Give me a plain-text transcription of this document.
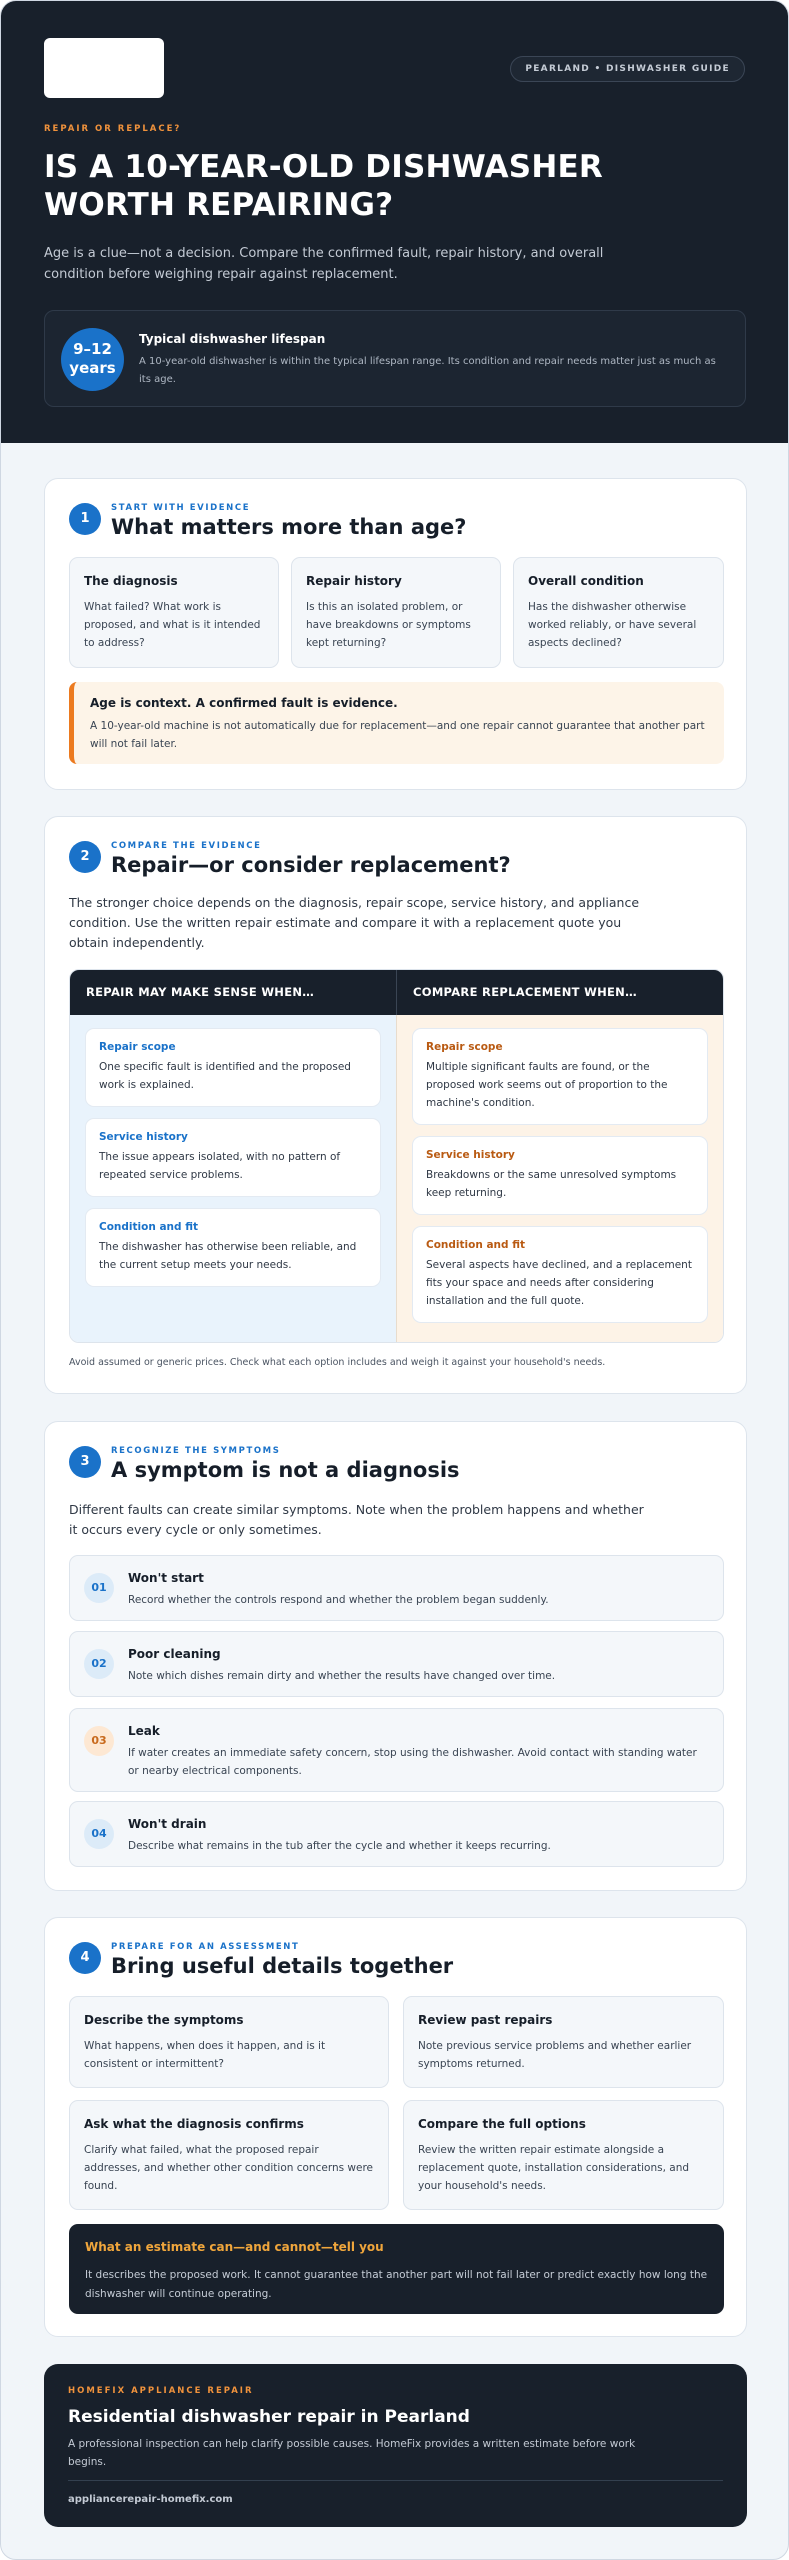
PEARLAND • DISHWASHER GUIDE
REPAIR OR REPLACE?
IS A 10-YEAR-OLD DISHWASHER WORTH REPAIRING?

Age is a clue—not a decision. Compare the confirmed fault, repair history, and overall condition before weighing repair against replacement.

9–12
years
Typical dishwasher lifespan
A 10-year-old dishwasher is within the typical lifespan range. Its condition and repair needs matter just as much as its age.
1
START WITH EVIDENCE
What matters more than age?
The diagnosis

What failed? What work is proposed, and what is it intended to address?

Repair history

Is this an isolated problem, or have breakdowns or symptoms kept returning?

Overall condition

Has the dishwasher otherwise worked reliably, or have several aspects declined?

Age is context. A confirmed fault is evidence.

A 10-year-old machine is not automatically due for replacement—and one repair cannot guarantee that another part will not fail later.

2
COMPARE THE EVIDENCE
Repair—or consider replacement?

The stronger choice depends on the diagnosis, repair scope, service history, and appliance condition. Use the written repair estimate and compare it with a replacement quote you obtain independently.

REPAIR MAY MAKE SENSE WHEN…	COMPARE REPLACEMENT WHEN…
Repair scope

One specific fault is identified and the proposed work is explained.

Service history

The issue appears isolated, with no pattern of repeated service problems.

Condition and fit

The dishwasher has otherwise been reliable, and the current setup meets your needs.

Repair scope

Multiple significant faults are found, or the proposed work seems out of proportion to the machine's condition.

Service history

Breakdowns or the same unresolved symptoms keep returning.

Condition and fit

Several aspects have declined, and a replacement fits your space and needs after considering installation and the full quote.

Avoid assumed or generic prices. Check what each option includes and weigh it against your household's needs.

3
RECOGNIZE THE SYMPTOMS
A symptom is not a diagnosis

Different faults can create similar symptoms. Note when the problem happens and whether it occurs every cycle or only sometimes.

01
Won't start
Record whether the controls respond and whether the problem began suddenly.
02
Poor cleaning
Note which dishes remain dirty and whether the results have changed over time.
03
Leak
If water creates an immediate safety concern, stop using the dishwasher. Avoid contact with standing water or nearby electrical components.
04
Won't drain
Describe what remains in the tub after the cycle and whether it keeps recurring.
4
PREPARE FOR AN ASSESSMENT
Bring useful details together
Describe the symptoms

What happens, when does it happen, and is it consistent or intermittent?

Review past repairs

Note previous service problems and whether earlier symptoms returned.

Ask what the diagnosis confirms

Clarify what failed, what the proposed repair addresses, and whether other condition concerns were found.

Compare the full options

Review the written repair estimate alongside a replacement quote, installation considerations, and your household's needs.

What an estimate can—and cannot—tell you

It describes the proposed work. It cannot guarantee that another part will not fail later or predict exactly how long the dishwasher will continue operating.

HOMEFIX APPLIANCE REPAIR
Residential dishwasher repair in Pearland
A professional inspection can help clarify possible causes. HomeFix provides a written estimate before work begins.
appliancerepair-homefix.com
